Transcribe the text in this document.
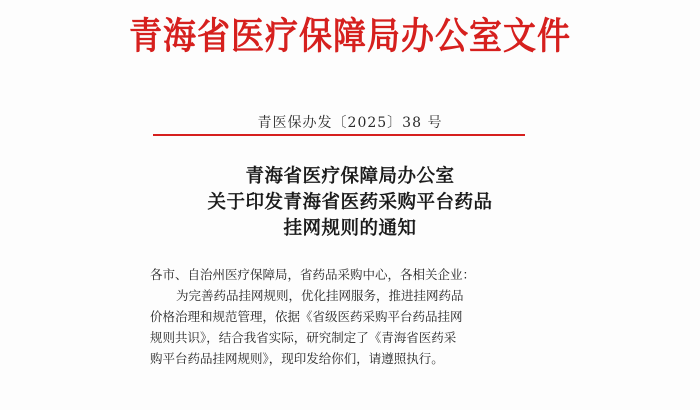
青海省医疗保障局办公室文件
青医保办发〔2025〕38 号
青海省医疗保障局办公室
关于印发青海省医药采购平台药品
挂网规则的通知

各市、自治州医疗保障局，省药品采购中心，各相关企业：

为完善药品挂网规则，优化挂网服务，推进挂网药品

价格治理和规范管理，依据《省级医药采购平台药品挂网

规则共识》，结合我省实际，研究制定了《青海省医药采

购平台药品挂网规则》，现印发给你们，请遵照执行。
